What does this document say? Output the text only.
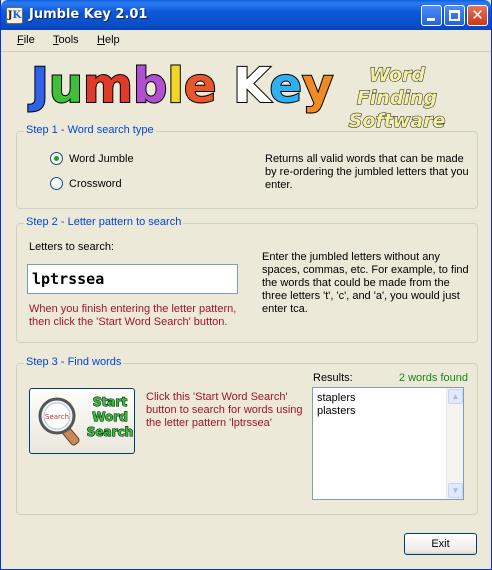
JK Jumble Key 2.01	✕
File Tools Help
Jumble Key	Word Finding
Software
Step 1 - Word search type
Word Jumble
Crossword
Returns all valid words that can be made by re-ordering the jumbled letters that you enter.
Step 2 - Letter pattern to search
Letters to search:
lptrssea
When you finish entering the letter pattern, then click the 'Start Word Search' button.
Enter the jumbled letters without any spaces, commas, etc. For example, to find the words that could be made from the three letters 't', 'c', and 'a', you would just enter tca.
Step 3 - Find words
Search
Start
Word
Search
Click this 'Start Word Search' button to search for words using the letter pattern 'lptrssea'
Results:	2 words found
staplers
plasters
▲
▼
Exit
